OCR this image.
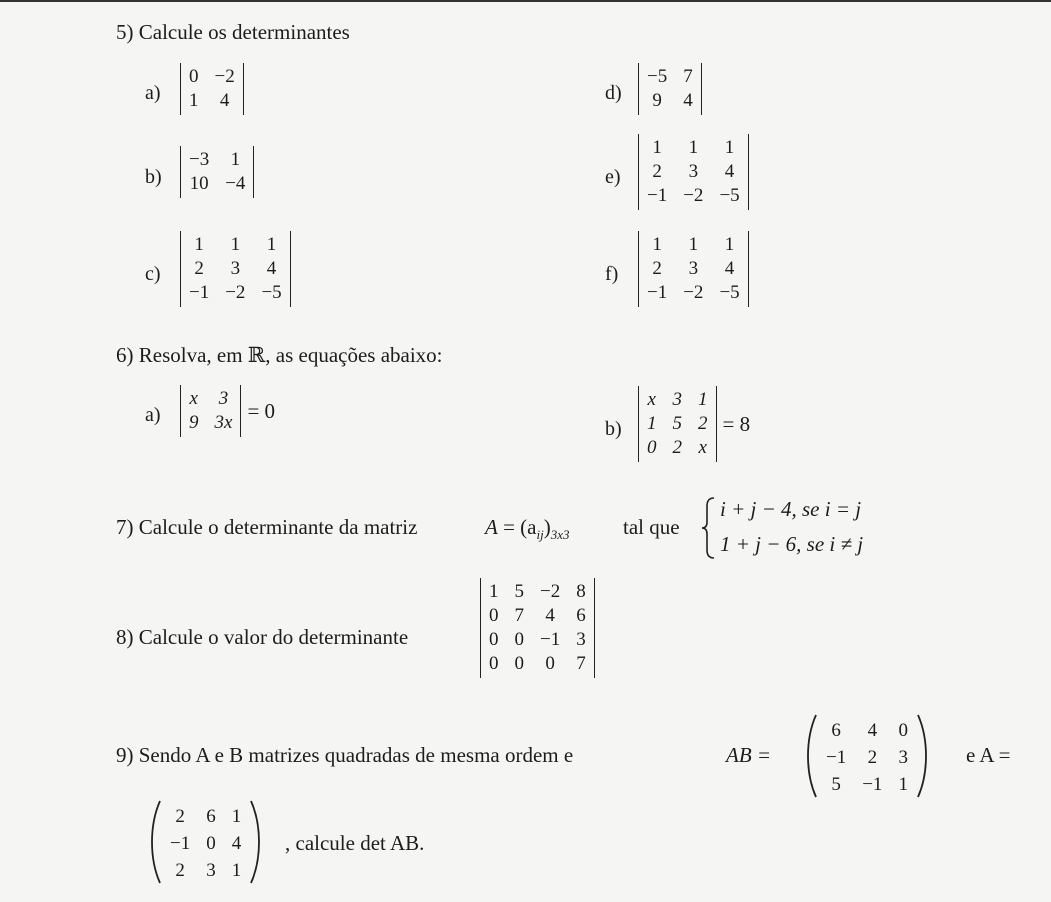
5) Calcule os determinantes
a)
0	−2
1	4
b)
−3	1
10	−4
c)
1	1	1
2	3	4
−1	−2	−5
d)
−5	7
9	4
e)
1	1	1
2	3	4
−1	−2	−5
f)
1	1	1
2	3	4
−1	−2	−5
6) Resolva, em ℝ, as equações abaixo:
a)
x	3
9	3x = 0
b)
x	3	1
1	5	2
0	2	x
= 8
7) Calcule o determinante da matriz	$A = (a_{ij})_{3x3}$	tal que
i + j − 4, se i = j
1 + j − 6, se i ≠ j
8) Calcule o valor do determinante
1	5	−2	8
0	7	4	6
0	0	−1	3
0	0	0	7
9) Sendo A e B matrizes quadradas de mesma ordem e	AB =
6	4	0
−1	2	3
5	−1	1
e A =
2	6	1
−1	0	4
2	3	1
, calcule det AB.
